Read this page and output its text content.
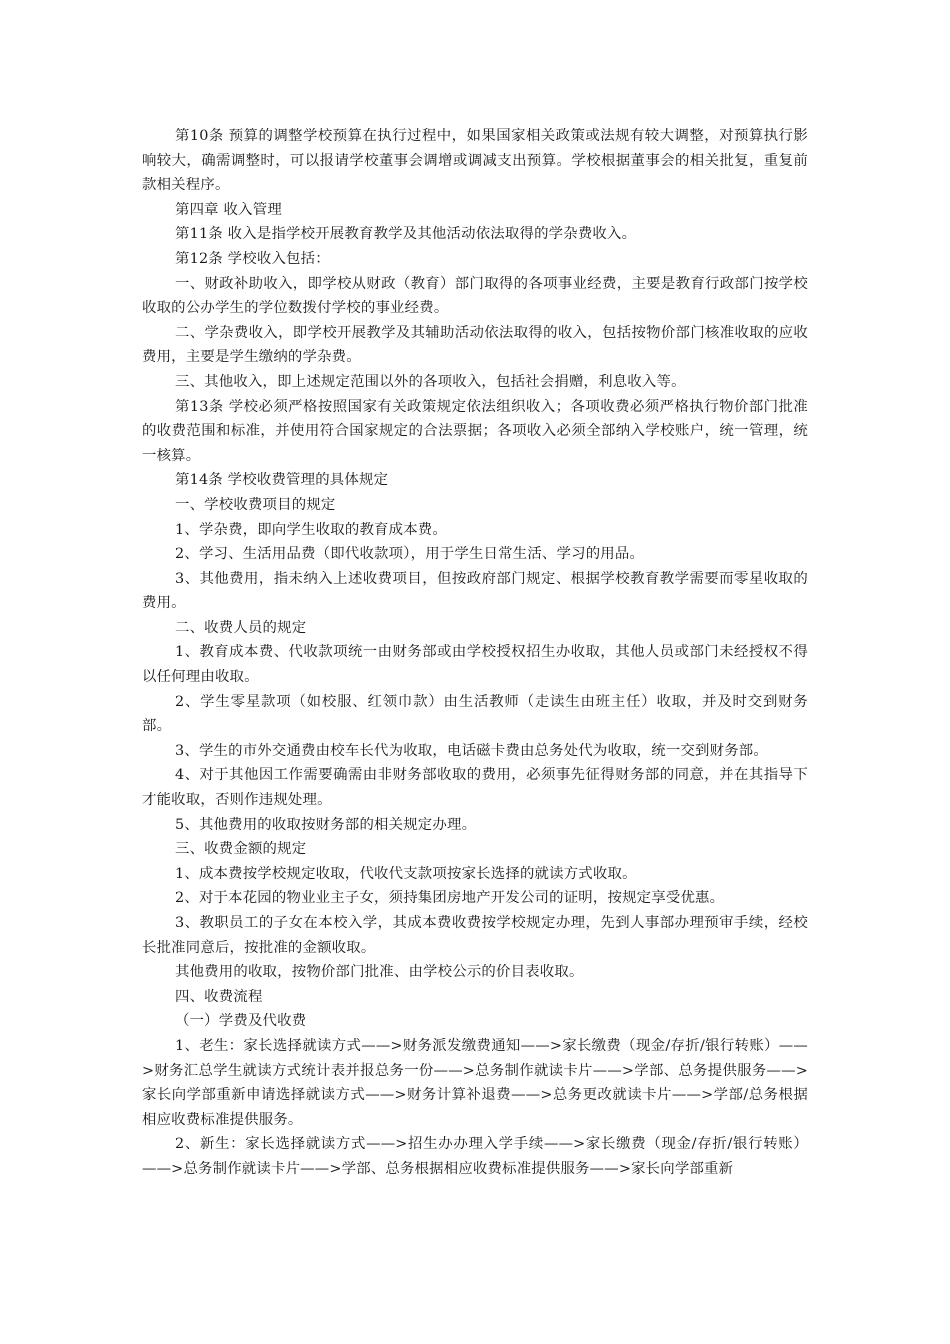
第10条 预算的调整学校预算在执行过程中，如果国家相关政策或法规有较大调整，对预算执行影响较大，确需调整时，可以报请学校董事会调增或调减支出预算。学校根据董事会的相关批复，重复前款相关程序。

第四章 收入管理

第11条 收入是指学校开展教育教学及其他活动依法取得的学杂费收入。

第12条 学校收入包括：

一、财政补助收入，即学校从财政（教育）部门取得的各项事业经费，主要是教育行政部门按学校收取的公办学生的学位数拨付学校的事业经费。

二、学杂费收入，即学校开展教学及其辅助活动依法取得的收入，包括按物价部门核准收取的应收费用，主要是学生缴纳的学杂费。

三、其他收入，即上述规定范围以外的各项收入，包括社会捐赠，利息收入等。

第13条 学校必须严格按照国家有关政策规定依法组织收入；各项收费必须严格执行物价部门批准的收费范围和标准，并使用符合国家规定的合法票据；各项收入必须全部纳入学校账户，统一管理，统一核算。

第14条 学校收费管理的具体规定

一、学校收费项目的规定

1、学杂费，即向学生收取的教育成本费。

2、学习、生活用品费（即代收款项），用于学生日常生活、学习的用品。

3、其他费用，指未纳入上述收费项目，但按政府部门规定、根据学校教育教学需要而零星收取的费用。

二、收费人员的规定

1、教育成本费、代收款项统一由财务部或由学校授权招生办收取，其他人员或部门未经授权不得以任何理由收取。

2、学生零星款项（如校服、红领巾款）由生活教师（走读生由班主任）收取，并及时交到财务部。

3、学生的市外交通费由校车长代为收取，电话磁卡费由总务处代为收取，统一交到财务部。

4、对于其他因工作需要确需由非财务部收取的费用，必须事先征得财务部的同意，并在其指导下才能收取，否则作违规处理。

5、其他费用的收取按财务部的相关规定办理。

三、收费金额的规定

1、成本费按学校规定收取，代收代支款项按家长选择的就读方式收取。

2、对于本花园的物业业主子女，须持集团房地产开发公司的证明，按规定享受优惠。

3、教职员工的子女在本校入学，其成本费收费按学校规定办理，先到人事部办理预审手续，经校长批准同意后，按批准的金额收取。

其他费用的收取，按物价部门批准、由学校公示的价目表收取。

四、收费流程

（一）学费及代收费

1、老生：家长选择就读方式——>财务派发缴费通知——>家长缴费（现金/存折/银行转账）——>财务汇总学生就读方式统计表并报总务一份——>总务制作就读卡片——>学部、总务提供服务——>家长向学部重新申请选择就读方式——>财务计算补退费——>总务更改就读卡片——>学部/总务根据相应收费标准提供服务。

2、新生：家长选择就读方式——>招生办办理入学手续——>家长缴费（现金/存折/银行转账）——>总务制作就读卡片——>学部、总务根据相应收费标准提供服务——>家长向学部重新
